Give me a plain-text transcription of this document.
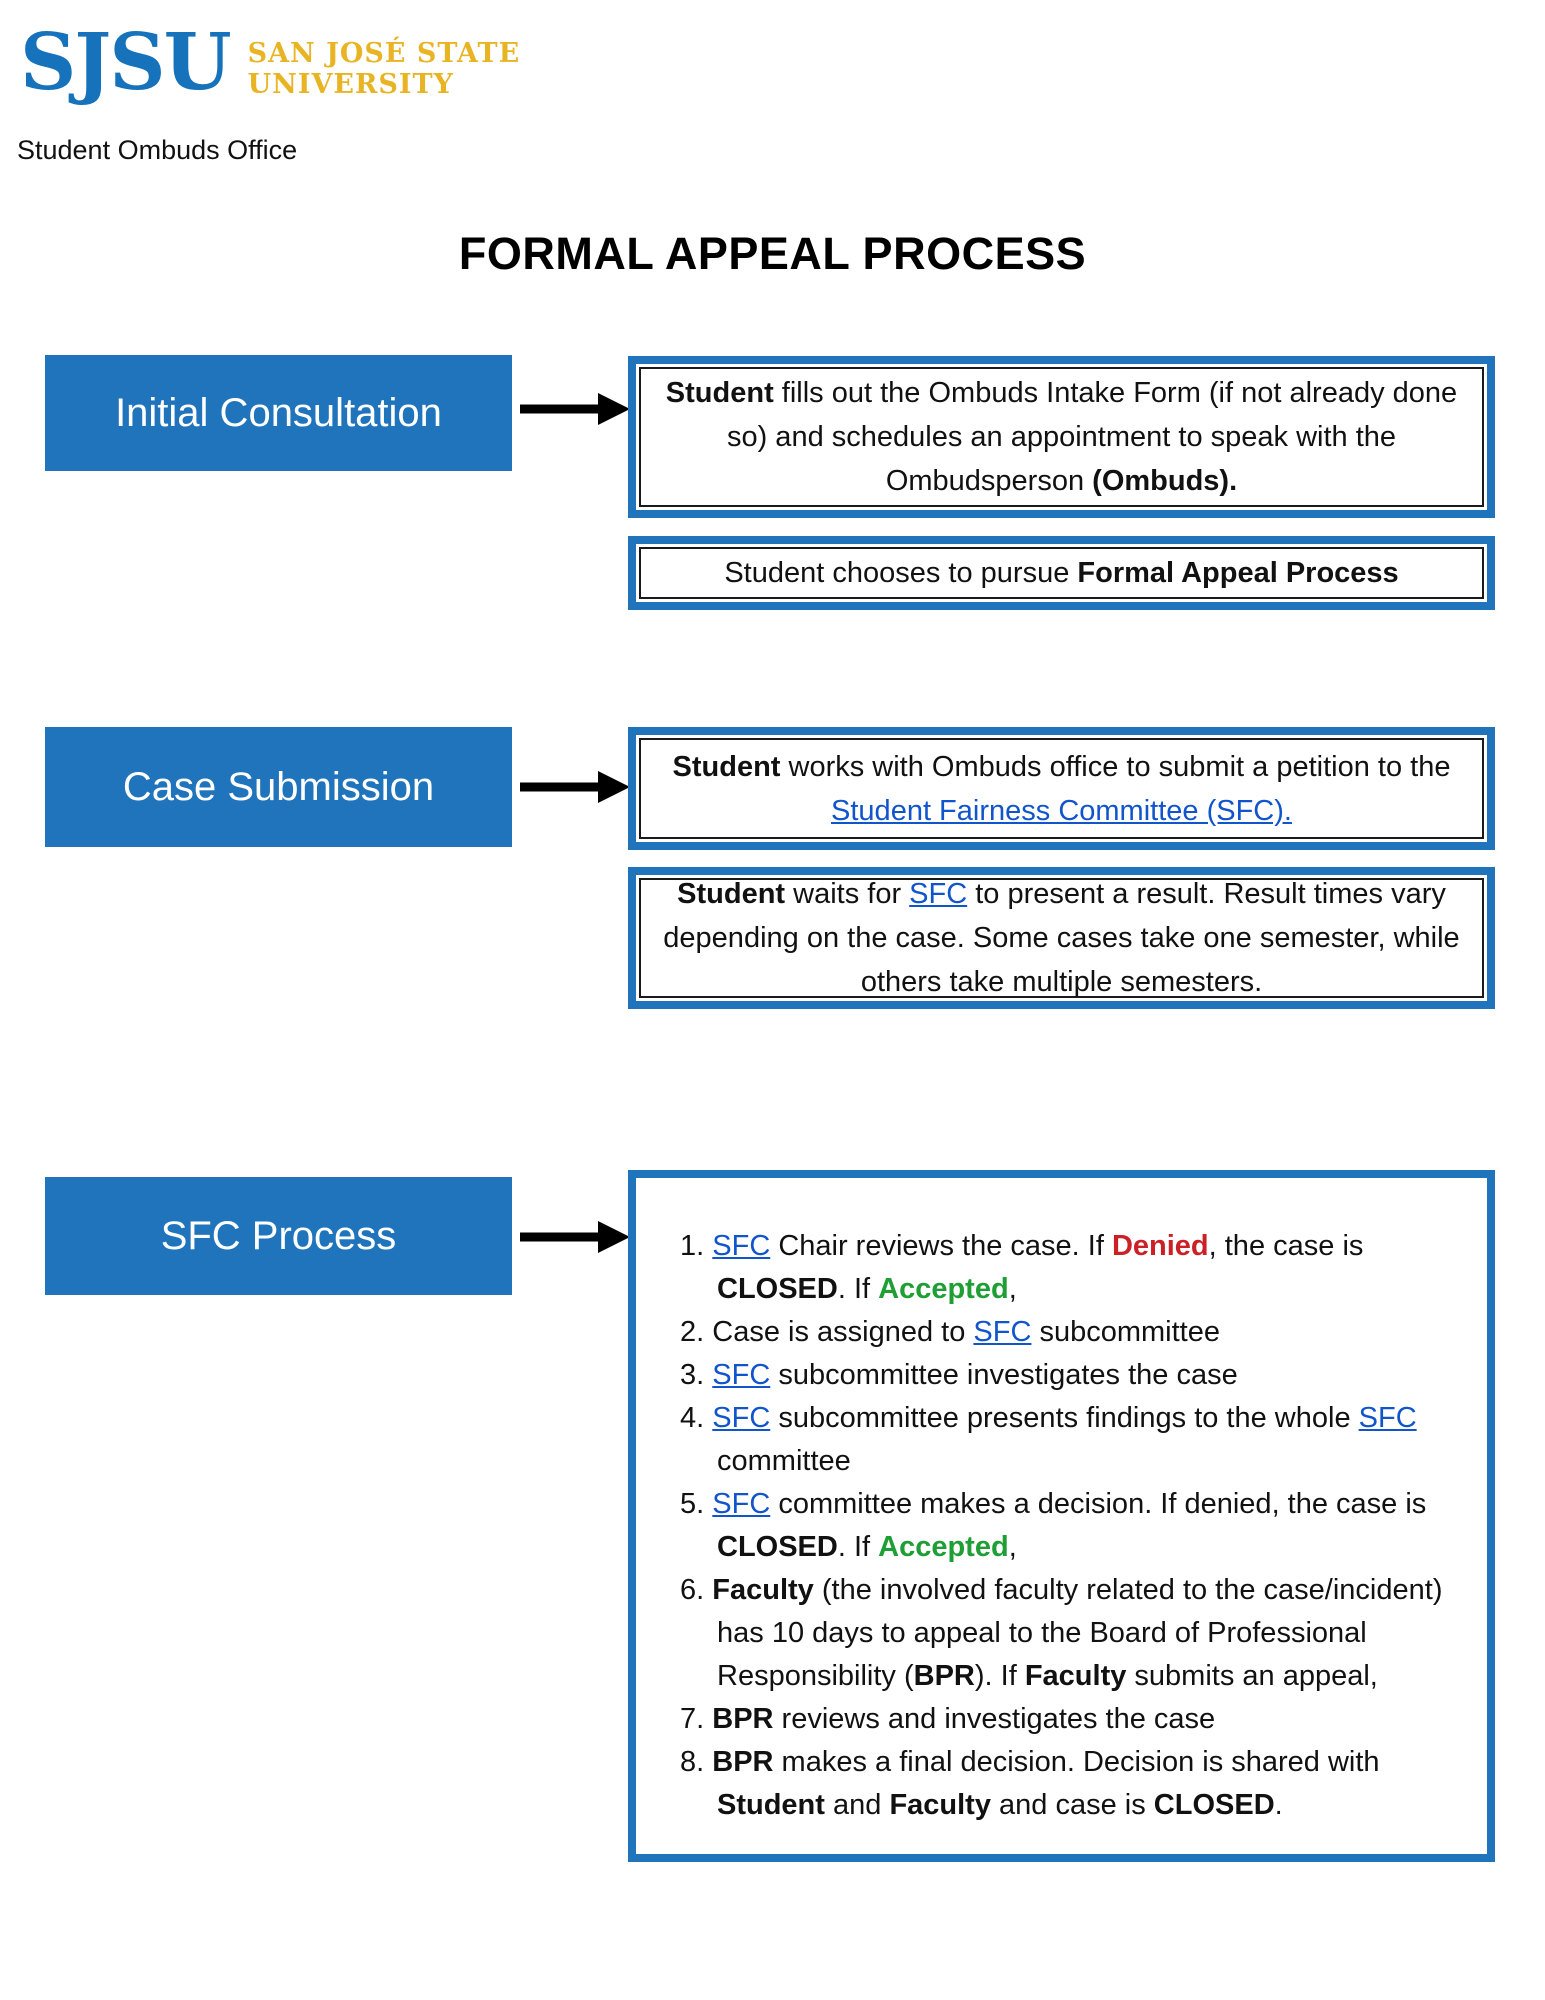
SJSU SAN JOSÉ STATE
UNIVERSITY
Student Ombuds Office
FORMAL APPEAL PROCESS
Initial Consultation	Student fills out the Ombuds Intake Form (if not already done so) and schedules an appointment to speak with the Ombudsperson (Ombuds).
Student chooses to pursue Formal Appeal Process
Case Submission	Student works with Ombuds office to submit a petition to the Student Fairness Committee (SFC).
Student waits for SFC to present a result. Result times vary depending on the case. Some cases take one semester, while others take multiple semesters.
SFC Process	SFC Chair reviews the case. If Denied, the case is CLOSED. If Accepted,
Case is assigned to SFC subcommittee
SFC subcommittee investigates the case
SFC subcommittee presents findings to the whole SFC committee
SFC committee makes a decision. If denied, the case is CLOSED. If Accepted,
Faculty (the involved faculty related to the case/incident) has 10 days to appeal to the Board of Professional Responsibility (BPR). If Faculty submits an appeal,
BPR reviews and investigates the case
BPR makes a final decision. Decision is shared with Student and Faculty and case is CLOSED.
